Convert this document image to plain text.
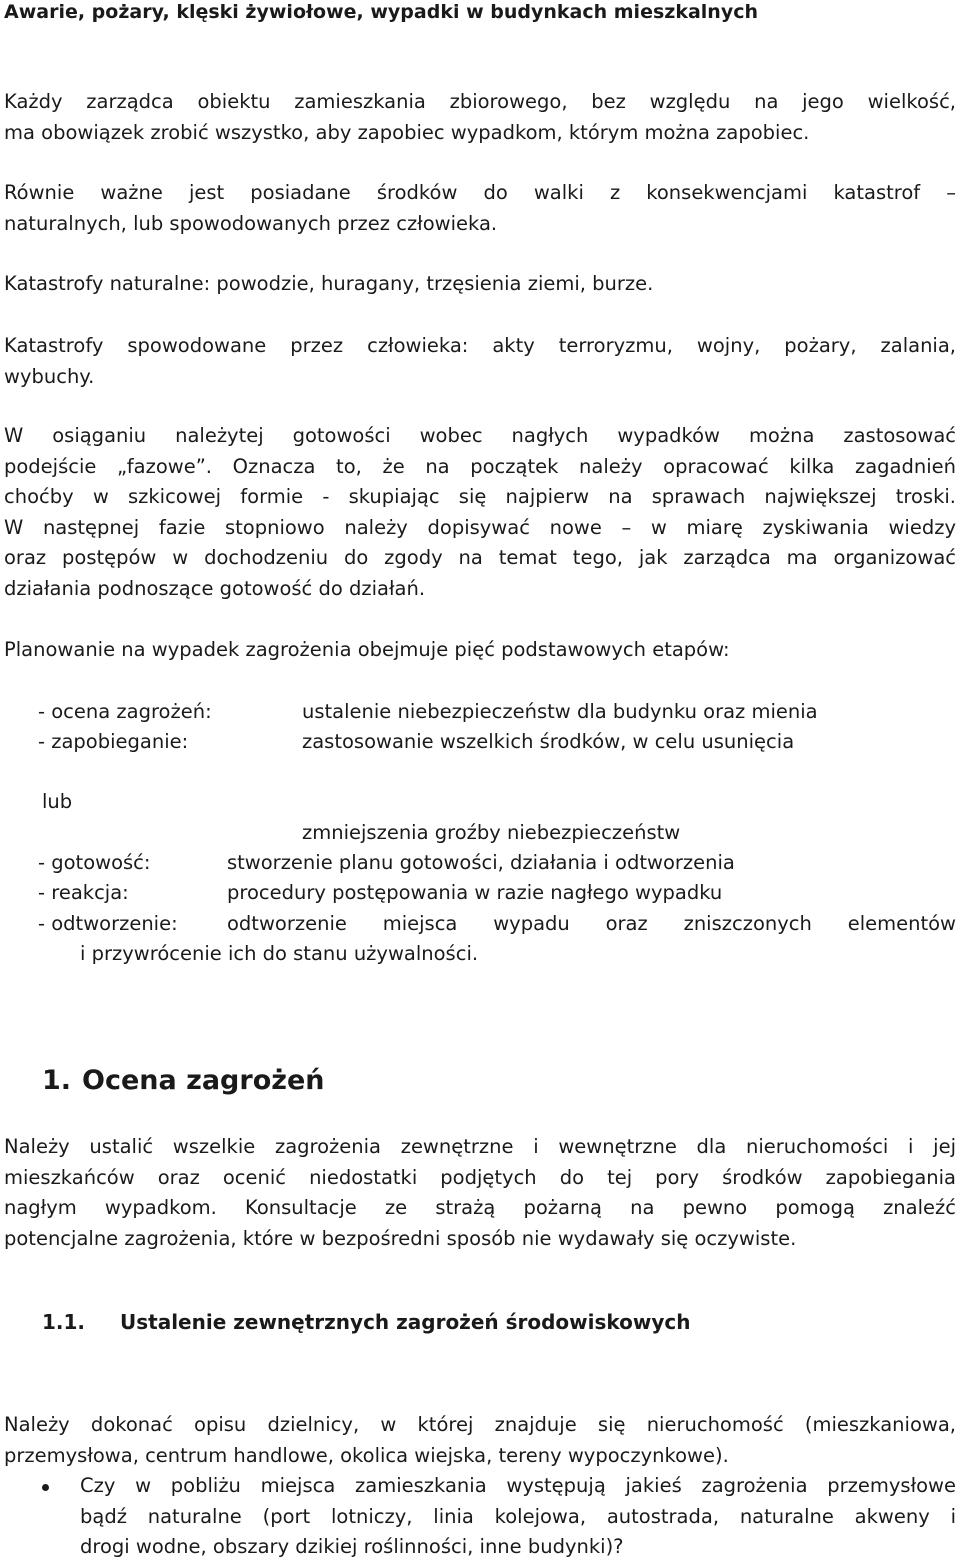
Awarie, pożary, klęski żywiołowe, wypadki w budynkach mieszkalnych
Każdy zarządca obiektu zamieszkania zbiorowego, bez względu na jego wielkość,
ma obowiązek zrobić wszystko, aby zapobiec wypadkom, którym można zapobiec.
Równie ważne jest posiadane środków do walki z konsekwencjami katastrof –
naturalnych, lub spowodowanych przez człowieka.
Katastrofy naturalne: powodzie, huragany, trzęsienia ziemi, burze.
Katastrofy spowodowane przez człowieka: akty terroryzmu, wojny, pożary, zalania,
wybuchy.
W osiąganiu należytej gotowości wobec nagłych wypadków można zastosować
podejście „fazowe”. Oznacza to, że na początek należy opracować kilka zagadnień
choćby w szkicowej formie - skupiając się najpierw na sprawach największej troski.
W następnej fazie stopniowo należy dopisywać nowe – w miarę zyskiwania wiedzy
oraz postępów w dochodzeniu do zgody na temat tego, jak zarządca ma organizować
działania podnoszące gotowość do działań.
Planowanie na wypadek zagrożenia obejmuje pięć podstawowych etapów:
- ocena zagrożeń:	ustalenie niebezpieczeństw dla budynku oraz mienia
- zapobieganie:	zastosowanie wszelkich środków, w celu usunięcia
lub
zmniejszenia groźby niebezpieczeństw
- gotowość:	stworzenie planu gotowości, działania i odtworzenia
- reakcja:	procedury postępowania w razie nagłego wypadku
- odtworzenie:	odtworzenie miejsca wypadu oraz zniszczonych elementów
i przywrócenie ich do stanu używalności.
1. Ocena zagrożeń
Należy ustalić wszelkie zagrożenia zewnętrzne i wewnętrzne dla nieruchomości i jej
mieszkańców oraz ocenić niedostatki podjętych do tej pory środków zapobiegania
nagłym wypadkom. Konsultacje ze strażą pożarną na pewno pomogą znaleźć
potencjalne zagrożenia, które w bezpośredni sposób nie wydawały się oczywiste.
1.1. Ustalenie zewnętrznych zagrożeń środowiskowych
Należy dokonać opisu dzielnicy, w której znajduje się nieruchomość (mieszkaniowa,
przemysłowa, centrum handlowe, okolica wiejska, tereny wypoczynkowe).
Czy w pobliżu miejsca zamieszkania występują jakieś zagrożenia przemysłowe
bądź naturalne (port lotniczy, linia kolejowa, autostrada, naturalne akweny i
drogi wodne, obszary dzikiej roślinności, inne budynki)?
